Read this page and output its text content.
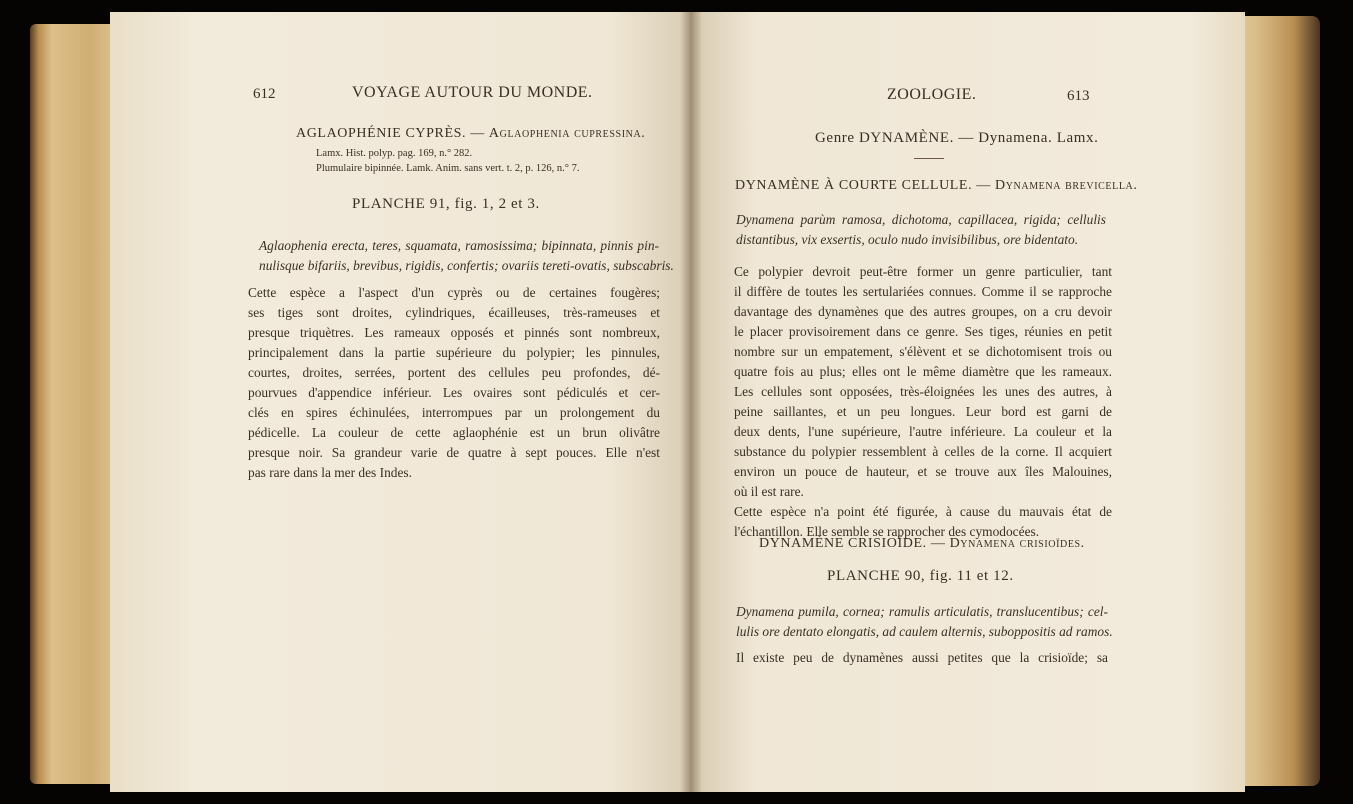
612	VOYAGE AUTOUR DU MONDE.
AGLAOPHÉNIE CYPRÈS. — Aglaophenia cupressina.
Lamx. Hist. polyp. pag. 169, n.° 282.
Plumulaire bipinnée. Lamk. Anim. sans vert. t. 2, p. 126, n.° 7.
PLANCHE 91, fig. 1, 2 et 3.
Aglaophenia erecta, teres, squamata, ramosissima; bipinnata, pinnis pin-
nulisque bifariis, brevibus, rigidis, confertis; ovariis tereti-ovatis, subscabris.
Cette espèce a l'aspect d'un cyprès ou de certaines fougères;
ses tiges sont droites, cylindriques, écailleuses, très-rameuses et
presque triquètres. Les rameaux opposés et pinnés sont nombreux,
principalement dans la partie supérieure du polypier; les pinnules,
courtes, droites, serrées, portent des cellules peu profondes, dé-
pourvues d'appendice inférieur. Les ovaires sont pédiculés et cer-
clés en spires échinulées, interrompues par un prolongement du
pédicelle. La couleur de cette aglaophénie est un brun olivâtre
presque noir. Sa grandeur varie de quatre à sept pouces. Elle n'est
pas rare dans la mer des Indes.
ZOOLOGIE.	613
Genre DYNAMÈNE. — Dynamena. Lamx.
DYNAMÈNE À COURTE CELLULE. — Dynamena brevicella.
Dynamena parùm ramosa, dichotoma, capillacea, rigida; cellulis
distantibus, vix exsertis, oculo nudo invisibilibus, ore bidentato.
Ce polypier devroit peut-être former un genre particulier, tant
il diffère de toutes les sertulariées connues. Comme il se rapproche
davantage des dynamènes que des autres groupes, on a cru devoir
le placer provisoirement dans ce genre. Ses tiges, réunies en petit
nombre sur un empatement, s'élèvent et se dichotomisent trois ou
quatre fois au plus; elles ont le même diamètre que les rameaux.
Les cellules sont opposées, très-éloignées les unes des autres, à
peine saillantes, et un peu longues. Leur bord est garni de
deux dents, l'une supérieure, l'autre inférieure. La couleur et la
substance du polypier ressemblent à celles de la corne. Il acquiert
environ un pouce de hauteur, et se trouve aux îles Malouines,
où il est rare.
Cette espèce n'a point été figurée, à cause du mauvais état de
l'échantillon. Elle semble se rapprocher des cymodocées.
DYNAMÈNE CRISIOÏDE. — Dynamena crisioïdes.
PLANCHE 90, fig. 11 et 12.
Dynamena pumila, cornea; ramulis articulatis, translucentibus; cel-
lulis ore dentato elongatis, ad caulem alternis, suboppositis ad ramos.
Il existe peu de dynamènes aussi petites que la crisioïde; sa
